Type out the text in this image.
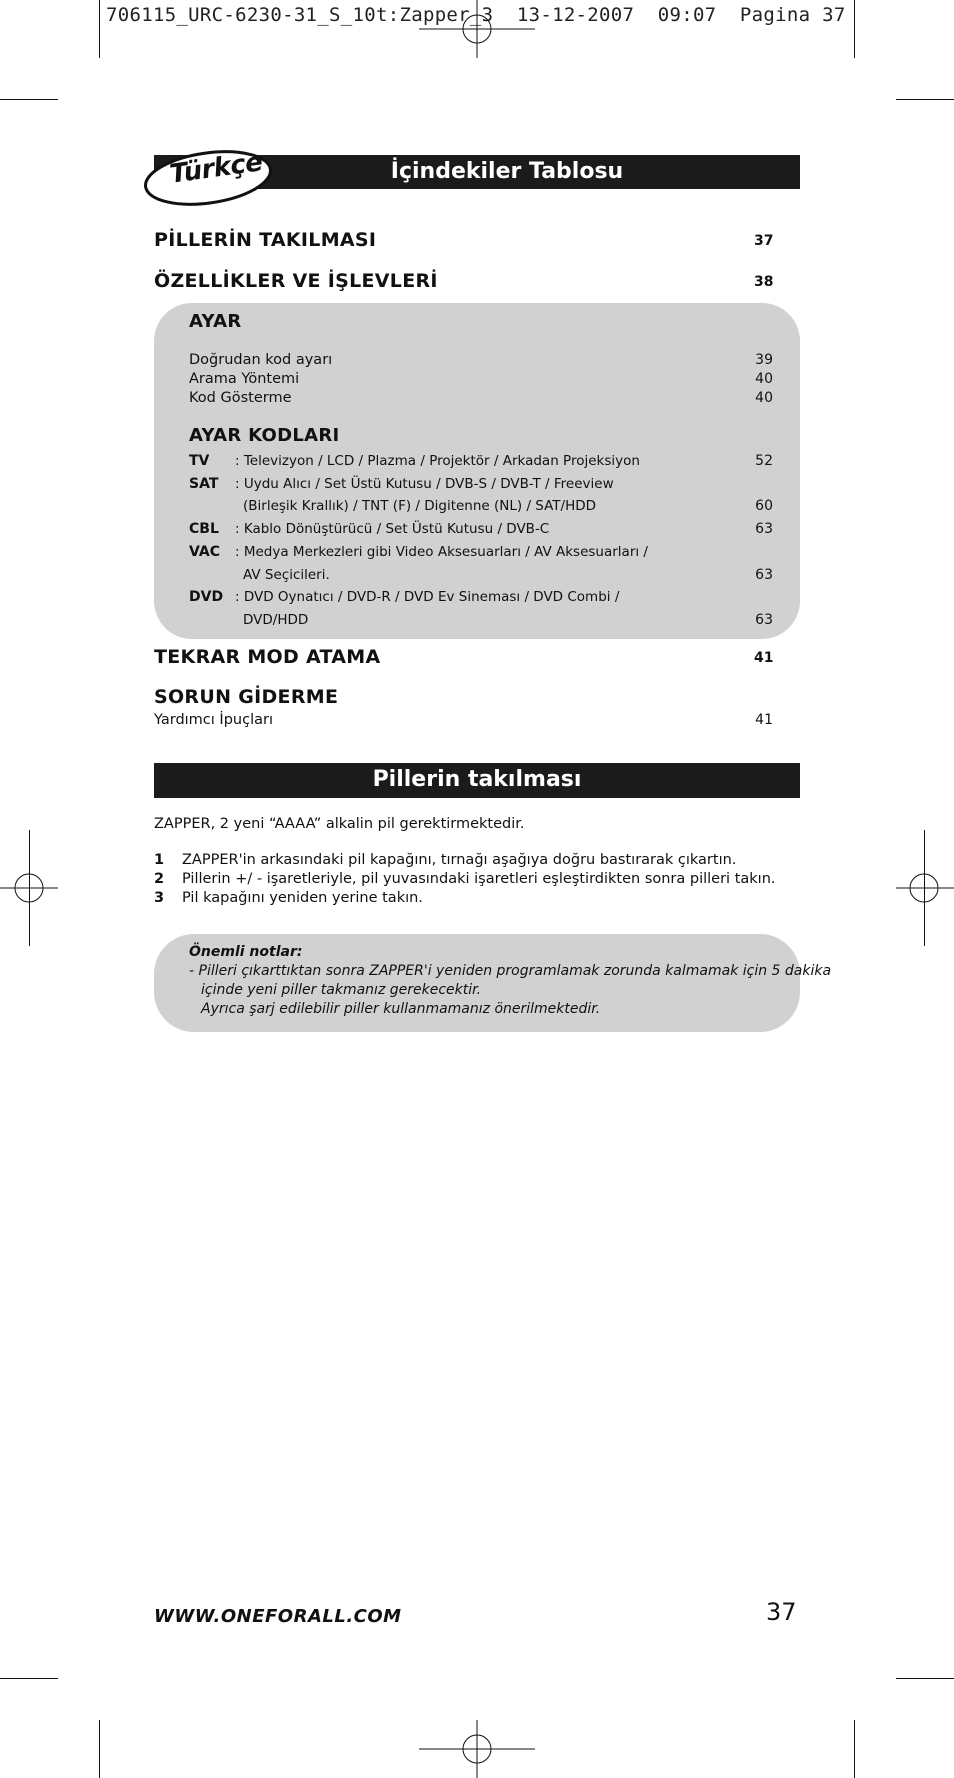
706115_URC-6230-31_S_10t:Zapper_3  13-12-2007  09:07  Pagina 37
İçindekiler Tablosu
Türkçe
PİLLERİN TAKILMASI	37
ÖZELLİKLER VE İŞLEVLERİ	38
AYAR
Doğrudan kod ayarı	39
Arama Yöntemi	40
Kod Gösterme	40
AYAR KODLARI
TV : Televizyon / LCD / Plazma / Projektör / Arkadan Projeksiyon	52
SAT : Uydu Alıcı / Set Üstü Kutusu / DVB-S / DVB-T / Freeview
(Birleşik Krallık) / TNT (F) / Digitenne (NL) / SAT/HDD	60
CBL : Kablo Dönüştürücü / Set Üstü Kutusu / DVB-C	63
VAC : Medya Merkezleri gibi Video Aksesuarları / AV Aksesuarları /
AV Seçicileri.	63
DVD : DVD Oynatıcı / DVD-R / DVD Ev Sineması / DVD Combi /
DVD/HDD	63
TEKRAR MOD ATAMA	41
SORUN GİDERME
Yardımcı İpuçları	41
Pillerin takılması
ZAPPER, 2 yeni “AAAA” alkalin pil gerektirmektedir.
1 ZAPPER'in arkasındaki pil kapağını, tırnağı aşağıya doğru bastırarak çıkartın.
2 Pillerin +/ - işaretleriyle, pil yuvasındaki işaretleri eşleştirdikten sonra pilleri takın.
3 Pil kapağını yeniden yerine takın.
Önemli notlar:
- Pilleri çıkarttıktan sonra ZAPPER'i yeniden programlamak zorunda kalmamak için 5 dakika
içinde yeni piller takmanız gerekecektir.
Ayrıca şarj edilebilir piller kullanmamanız önerilmektedir.
WWW.ONEFORALL.COM	37
